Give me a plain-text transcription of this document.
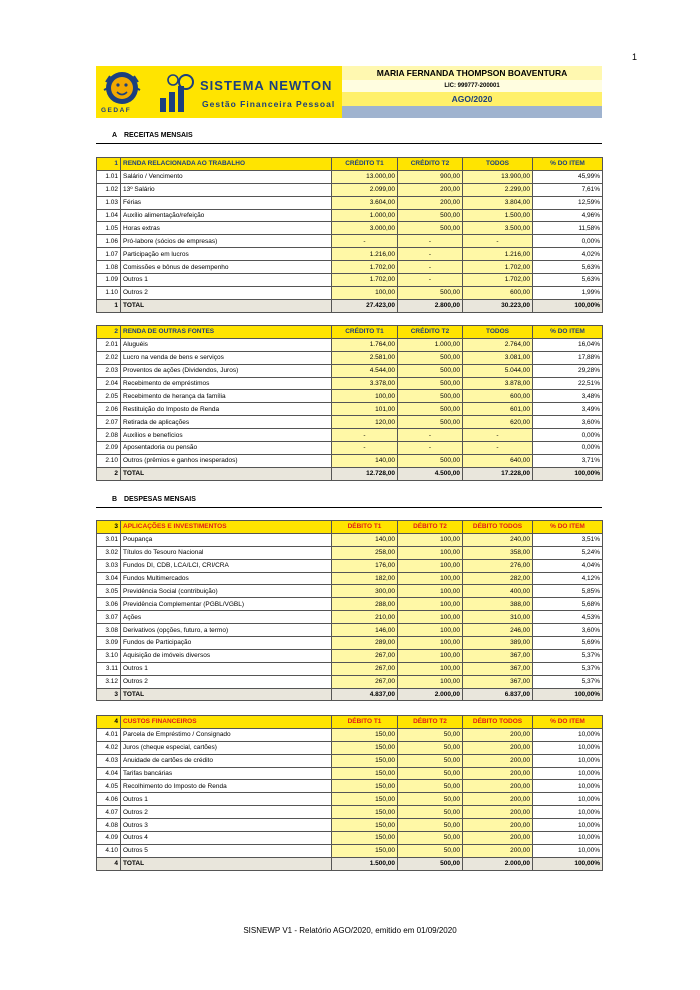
1
GEDAF
SISTEMA NEWTON
Gestão Financeira Pessoal
MARIA FERNANDA THOMPSON BOAVENTURA
LIC: 999777-200001
AGO/2020
A RECEITAS MENSAIS
1	RENDA RELACIONADA AO TRABALHO	CRÉDITO T1	CRÉDITO T2	TODOS	% DO ITEM
1.01	Salário / Vencimento	13.000,00	900,00	13.900,00	45,99%
1.02	13º Salário	2.099,00	200,00	2.299,00	7,61%
1.03	Férias	3.604,00	200,00	3.804,00	12,59%
1.04	Auxílio alimentação/refeição	1.000,00	500,00	1.500,00	4,96%
1.05	Horas extras	3.000,00	500,00	3.500,00	11,58%
1.06	Pró-labore (sócios de empresas)	-	-	-	0,00%
1.07	Participação em lucros	1.216,00	-	1.216,00	4,02%
1.08	Comissões e bônus de desempenho	1.702,00	-	1.702,00	5,63%
1.09	Outros 1	1.702,00	-	1.702,00	5,63%
1.10	Outros 2	100,00	500,00	600,00	1,99%
1	TOTAL	27.423,00	2.800,00	30.223,00	100,00%
2	RENDA DE OUTRAS FONTES	CRÉDITO T1	CRÉDITO T2	TODOS	% DO ITEM
2.01	Aluguéis	1.764,00	1.000,00	2.764,00	16,04%
2.02	Lucro na venda de bens e serviços	2.581,00	500,00	3.081,00	17,88%
2.03	Proventos de ações (Dividendos, Juros)	4.544,00	500,00	5.044,00	29,28%
2.04	Recebimento de empréstimos	3.378,00	500,00	3.878,00	22,51%
2.05	Recebimento de herança da família	100,00	500,00	600,00	3,48%
2.06	Restituição do Imposto de Renda	101,00	500,00	601,00	3,49%
2.07	Retirada de aplicações	120,00	500,00	620,00	3,60%
2.08	Auxílios e benefícios	-	-	-	0,00%
2.09	Aposentadoria ou pensão	-	-	-	0,00%
2.10	Outros (prêmios e ganhos inesperados)	140,00	500,00	640,00	3,71%
2	TOTAL	12.728,00	4.500,00	17.228,00	100,00%
B DESPESAS MENSAIS
3	APLICAÇÕES E INVESTIMENTOS	DÉBITO T1	DÉBITO T2	DÉBITO TODOS	% DO ITEM
3.01	Poupança	140,00	100,00	240,00	3,51%
3.02	Títulos do Tesouro Nacional	258,00	100,00	358,00	5,24%
3.03	Fundos DI, CDB, LCA/LCI, CRI/CRA	176,00	100,00	276,00	4,04%
3.04	Fundos Multimercados	182,00	100,00	282,00	4,12%
3.05	Previdência Social (contribuição)	300,00	100,00	400,00	5,85%
3.06	Previdência Complementar (PGBL/VGBL)	288,00	100,00	388,00	5,68%
3.07	Ações	210,00	100,00	310,00	4,53%
3.08	Derivativos (opções, futuro, a termo)	146,00	100,00	246,00	3,60%
3.09	Fundos de Participação	289,00	100,00	389,00	5,69%
3.10	Aquisição de imóveis diversos	267,00	100,00	367,00	5,37%
3.11	Outros 1	267,00	100,00	367,00	5,37%
3.12	Outros 2	267,00	100,00	367,00	5,37%
3	TOTAL	4.837,00	2.000,00	6.837,00	100,00%
4	CUSTOS FINANCEIROS	DÉBITO T1	DÉBITO T2	DÉBITO TODOS	% DO ITEM
4.01	Parcela de Empréstimo / Consignado	150,00	50,00	200,00	10,00%
4.02	Juros (cheque especial, cartões)	150,00	50,00	200,00	10,00%
4.03	Anuidade de cartões de crédito	150,00	50,00	200,00	10,00%
4.04	Tarifas bancárias	150,00	50,00	200,00	10,00%
4.05	Recolhimento do Imposto de Renda	150,00	50,00	200,00	10,00%
4.06	Outros 1	150,00	50,00	200,00	10,00%
4.07	Outros 2	150,00	50,00	200,00	10,00%
4.08	Outros 3	150,00	50,00	200,00	10,00%
4.09	Outros 4	150,00	50,00	200,00	10,00%
4.10	Outros 5	150,00	50,00	200,00	10,00%
4	TOTAL	1.500,00	500,00	2.000,00	100,00%
SISNEWP V1 - Relatório AGO/2020, emitido em 01/09/2020
